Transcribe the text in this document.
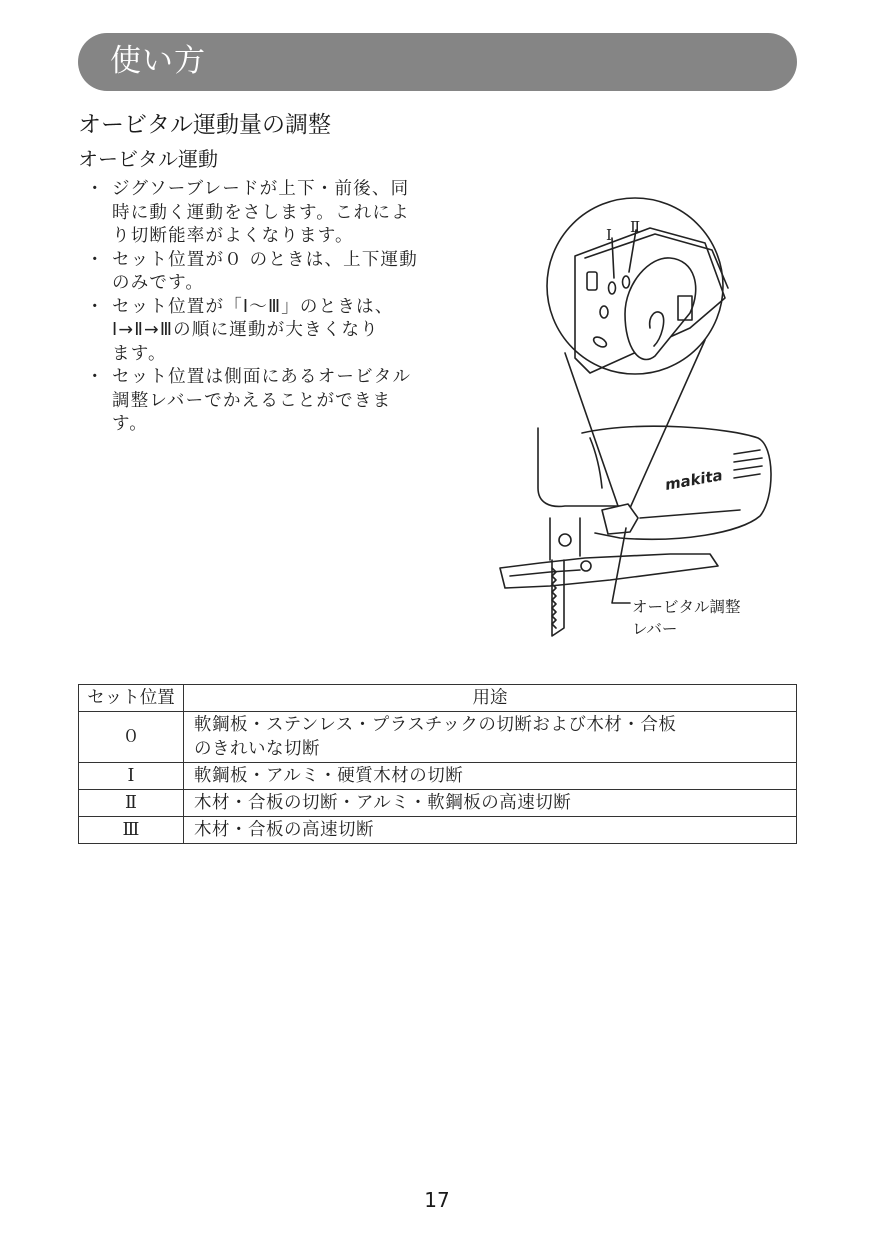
使い方
オービタル運動量の調整
オービタル運動
・ ジグソーブレードが上下・前後、同
時に動く運動をさします。これによ
り切断能率がよくなります。
・ セット位置が０ のときは、上下運動
のみです。
・ セット位置が「Ⅰ～Ⅲ」のときは、
Ⅰ→Ⅱ→Ⅲの順に運動が大きくなり
ます。
・ セット位置は側面にあるオービタル
調整レバーでかえることができま
す。
Ⅰ Ⅱ
makita
オービタル調整
レバー
セット位置	用途
０	軟鋼板・ステンレス・プラスチックの切断および木材・合板
のきれいな切断

Ⅰ	軟鋼板・アルミ・硬質木材の切断
Ⅱ	木材・合板の切断・アルミ・軟鋼板の高速切断
Ⅲ	木材・合板の高速切断
17
